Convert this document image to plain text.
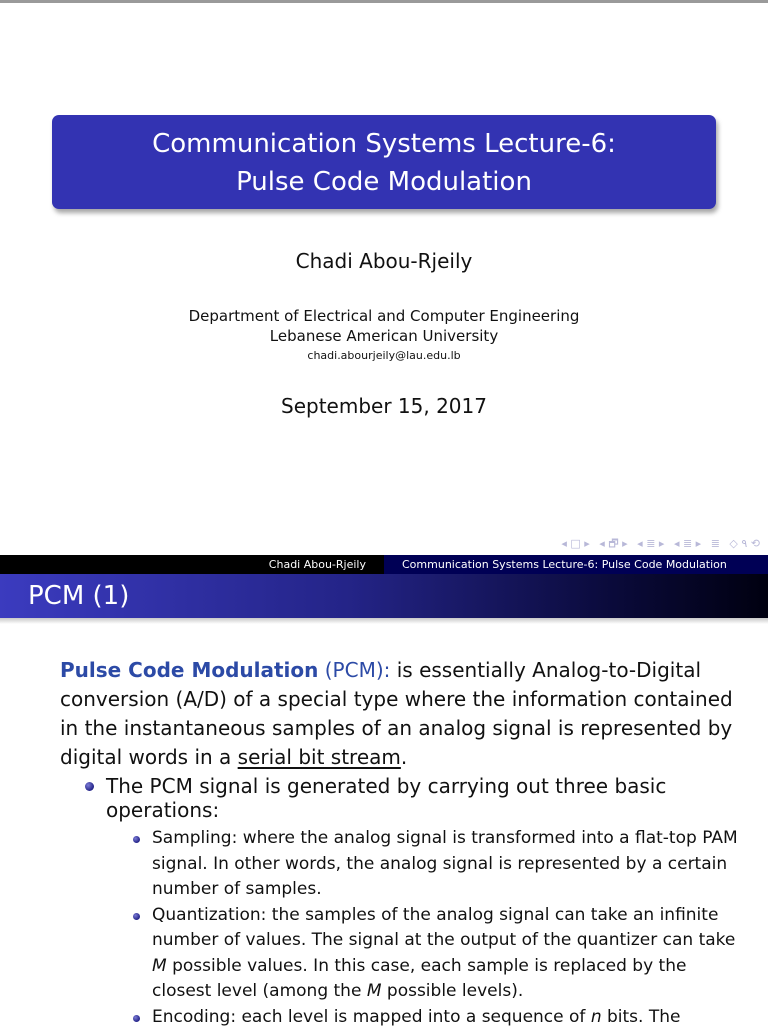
Communication Systems Lecture-6:
Pulse Code Modulation
Chadi Abou-Rjeily
Department of Electrical and Computer Engineering
Lebanese American University
chadi.abourjeily@lau.edu.lb
September 15, 2017
◂ □ ▸ ◂ 🗗 ▸ ◂ ≣ ▸ ◂ ≣ ▸ ≣ ◇ ۹ ⟲
Chadi Abou-Rjeily	Communication Systems Lecture-6: Pulse Code Modulation
PCM (1)

Pulse Code Modulation (PCM): is essentially Analog-to-Digital conversion (A/D) of a special type where the information contained in the instantaneous samples of an analog signal is represented by digital words in a serial bit stream.

The PCM signal is generated by carrying out three basic operations:
Sampling: where the analog signal is transformed into a flat-top PAM signal. In other words, the analog signal is represented by a certain number of samples.
Quantization: the samples of the analog signal can take an infinite number of values. The signal at the output of the quantizer can take M possible values. In this case, each sample is replaced by the closest level (among the M possible levels).
Encoding: each level is mapped into a sequence of n bits. The
